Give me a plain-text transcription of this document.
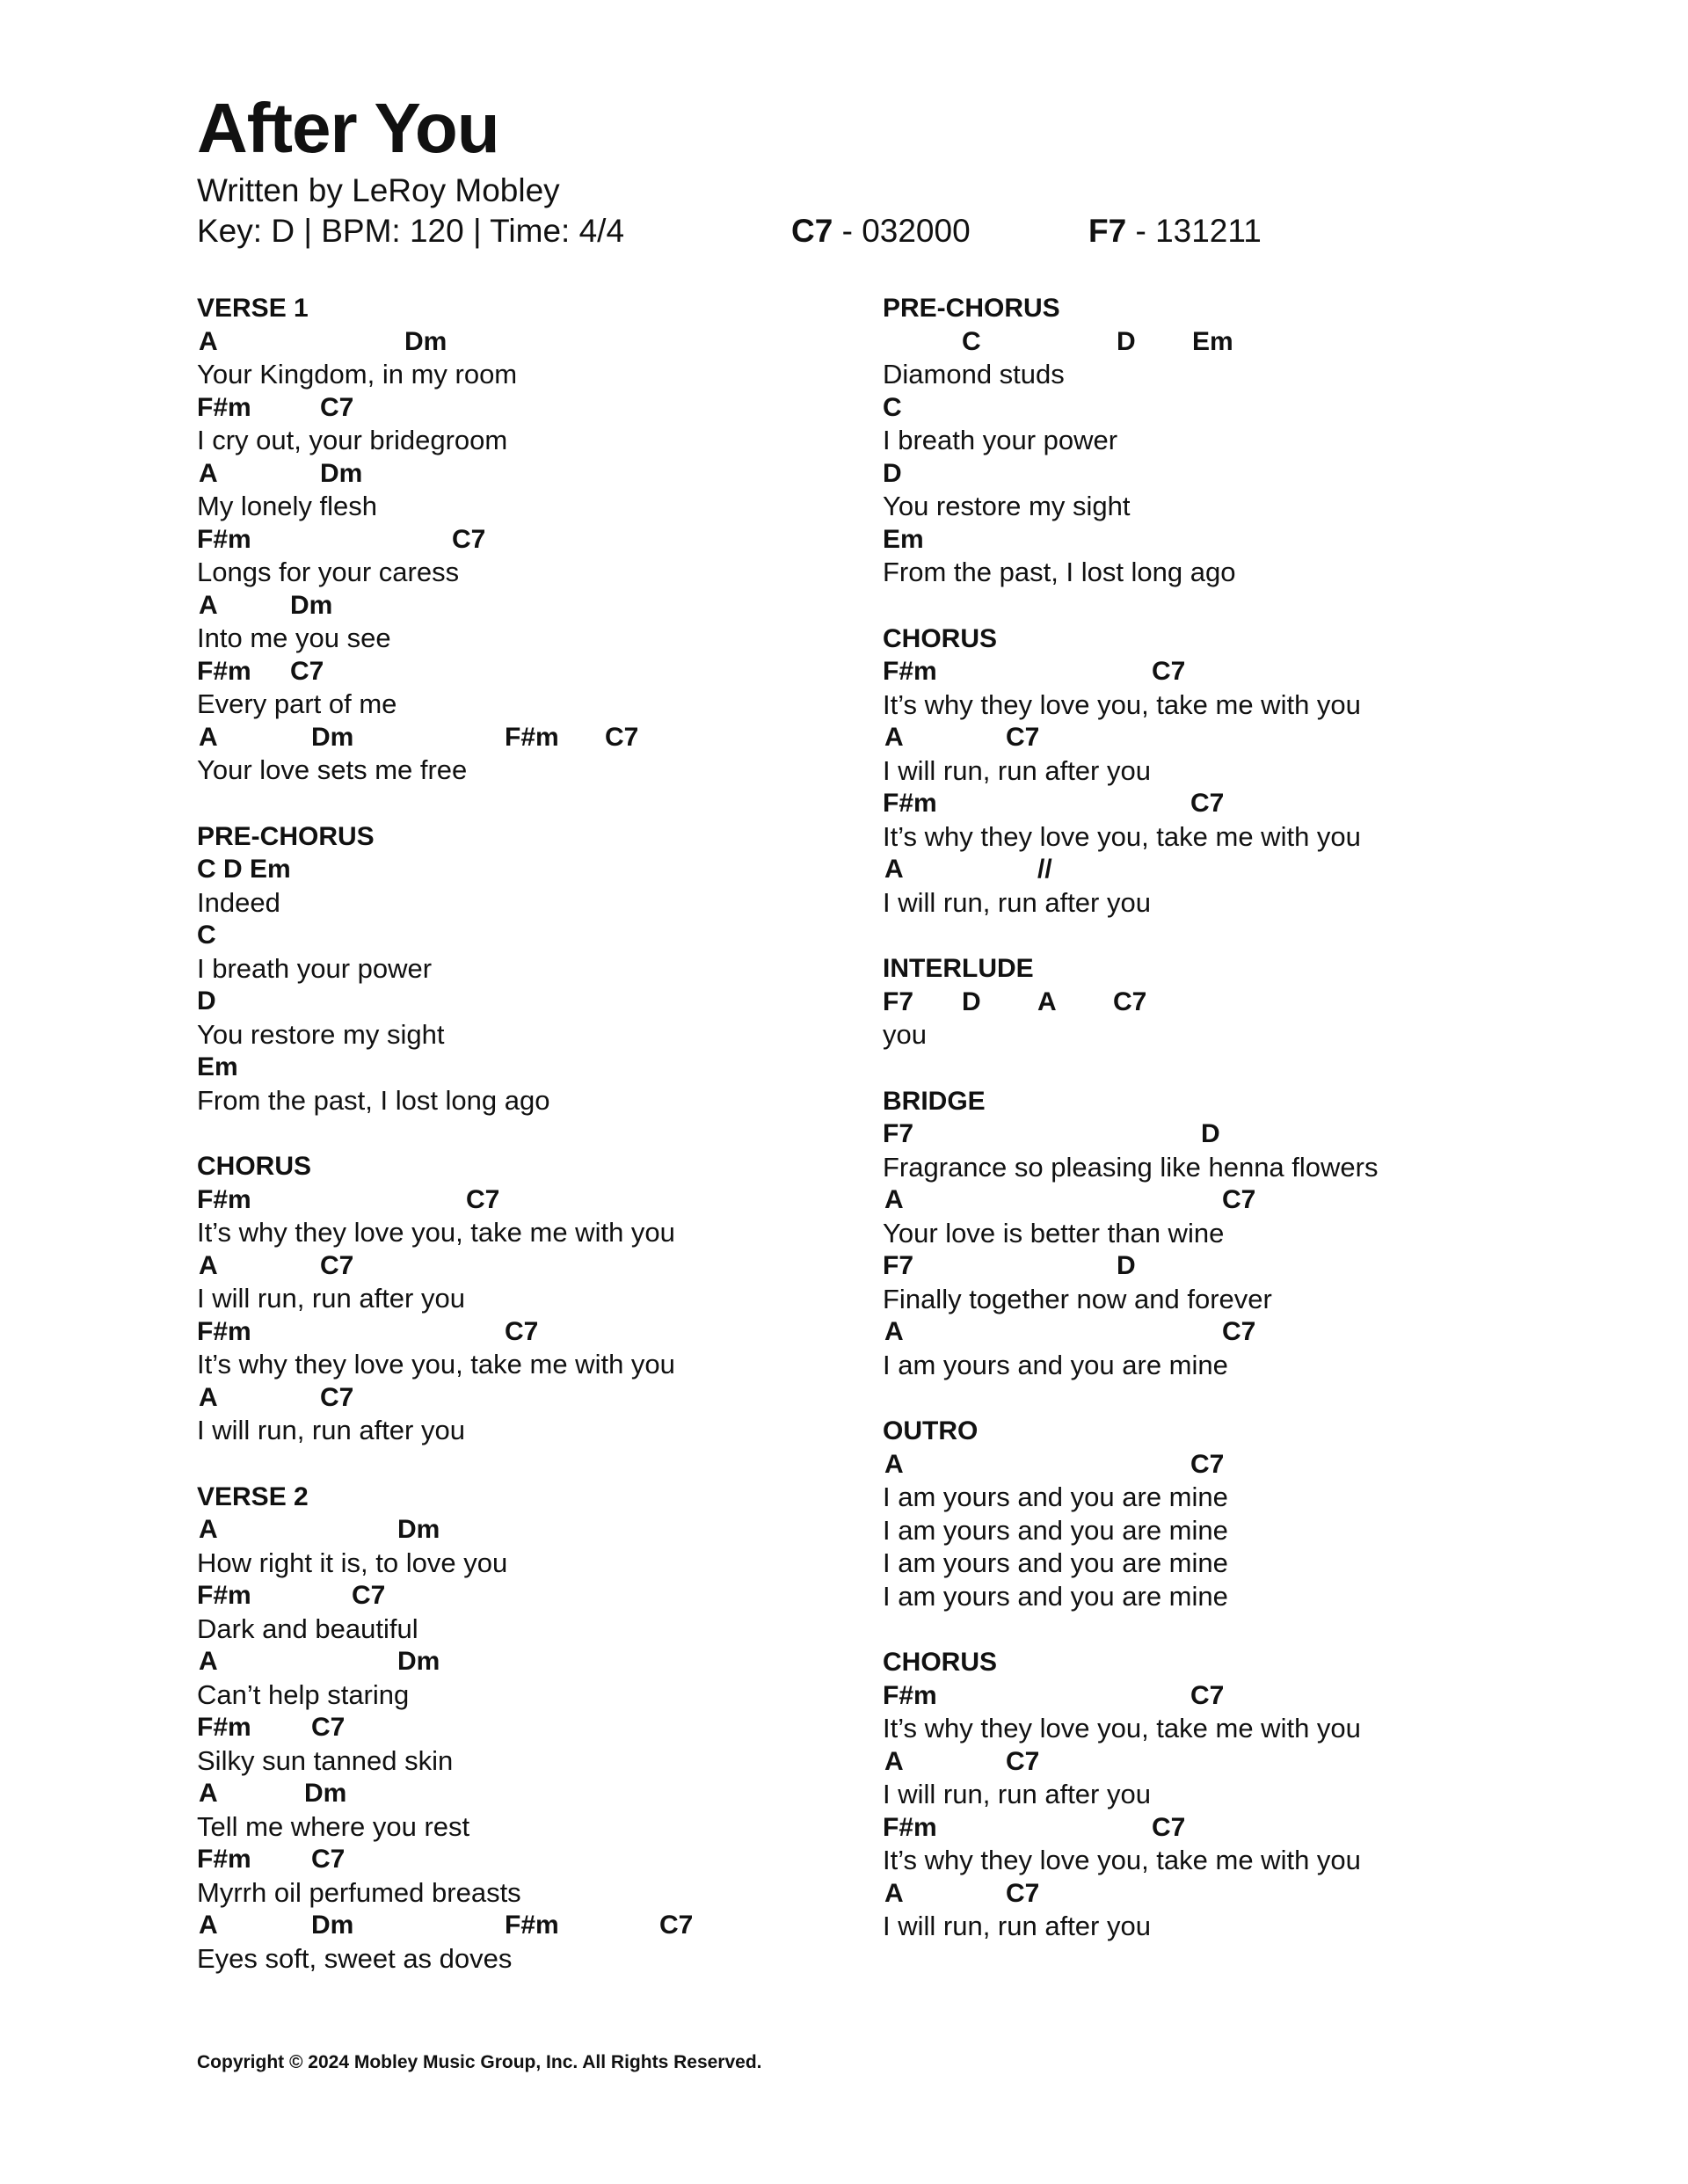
After You
Written by LeRoy Mobley
Key: D | BPM: 120 | Time: 4/4	C7 - 032000	F7 - 131211
VERSE 1
A	Dm
Your Kingdom, in my room
F#m	C7
I cry out, your bridegroom
A	Dm
My lonely flesh
F#m	C7
Longs for your caress
A	Dm
Into me you see
F#m C7
Every part of me
A	Dm	F#m C7
Your love sets me free
PRE-CHORUS
C D Em
Indeed
C
I breath your power
D
You restore my sight
Em
From the past, I lost long ago
CHORUS
F#m	C7
It’s why they love you, take me with you
A	C7
I will run, run after you
F#m	C7
It’s why they love you, take me with you
A	C7
I will run, run after you
VERSE 2
A	Dm
How right it is, to love you
F#m	C7
Dark and beautiful
A	Dm
Can’t help staring
F#m C7
Silky sun tanned skin
A	Dm
Tell me where you rest
F#m C7
Myrrh oil perfumed breasts
A	Dm	F#m	C7
Eyes soft, sweet as doves
PRE-CHORUS
C	D Em
Diamond studs
C
I breath your power
D
You restore my sight
Em
From the past, I lost long ago
CHORUS
F#m	C7
It’s why they love you, take me with you
A	C7
I will run, run after you
F#m	C7
It’s why they love you, take me with you
A	//
I will run, run after you
INTERLUDE
F7 D A C7
you
BRIDGE
F7	D
Fragrance so pleasing like henna flowers
A	C7
Your love is better than wine
F7	D
Finally together now and forever
A	C7
I am yours and you are mine
OUTRO
A	C7
I am yours and you are mine
I am yours and you are mine
I am yours and you are mine
I am yours and you are mine
CHORUS
F#m	C7
It’s why they love you, take me with you
A	C7
I will run, run after you
F#m	C7
It’s why they love you, take me with you
A	C7
I will run, run after you
Copyright © 2024 Mobley Music Group, Inc. All Rights Reserved.
